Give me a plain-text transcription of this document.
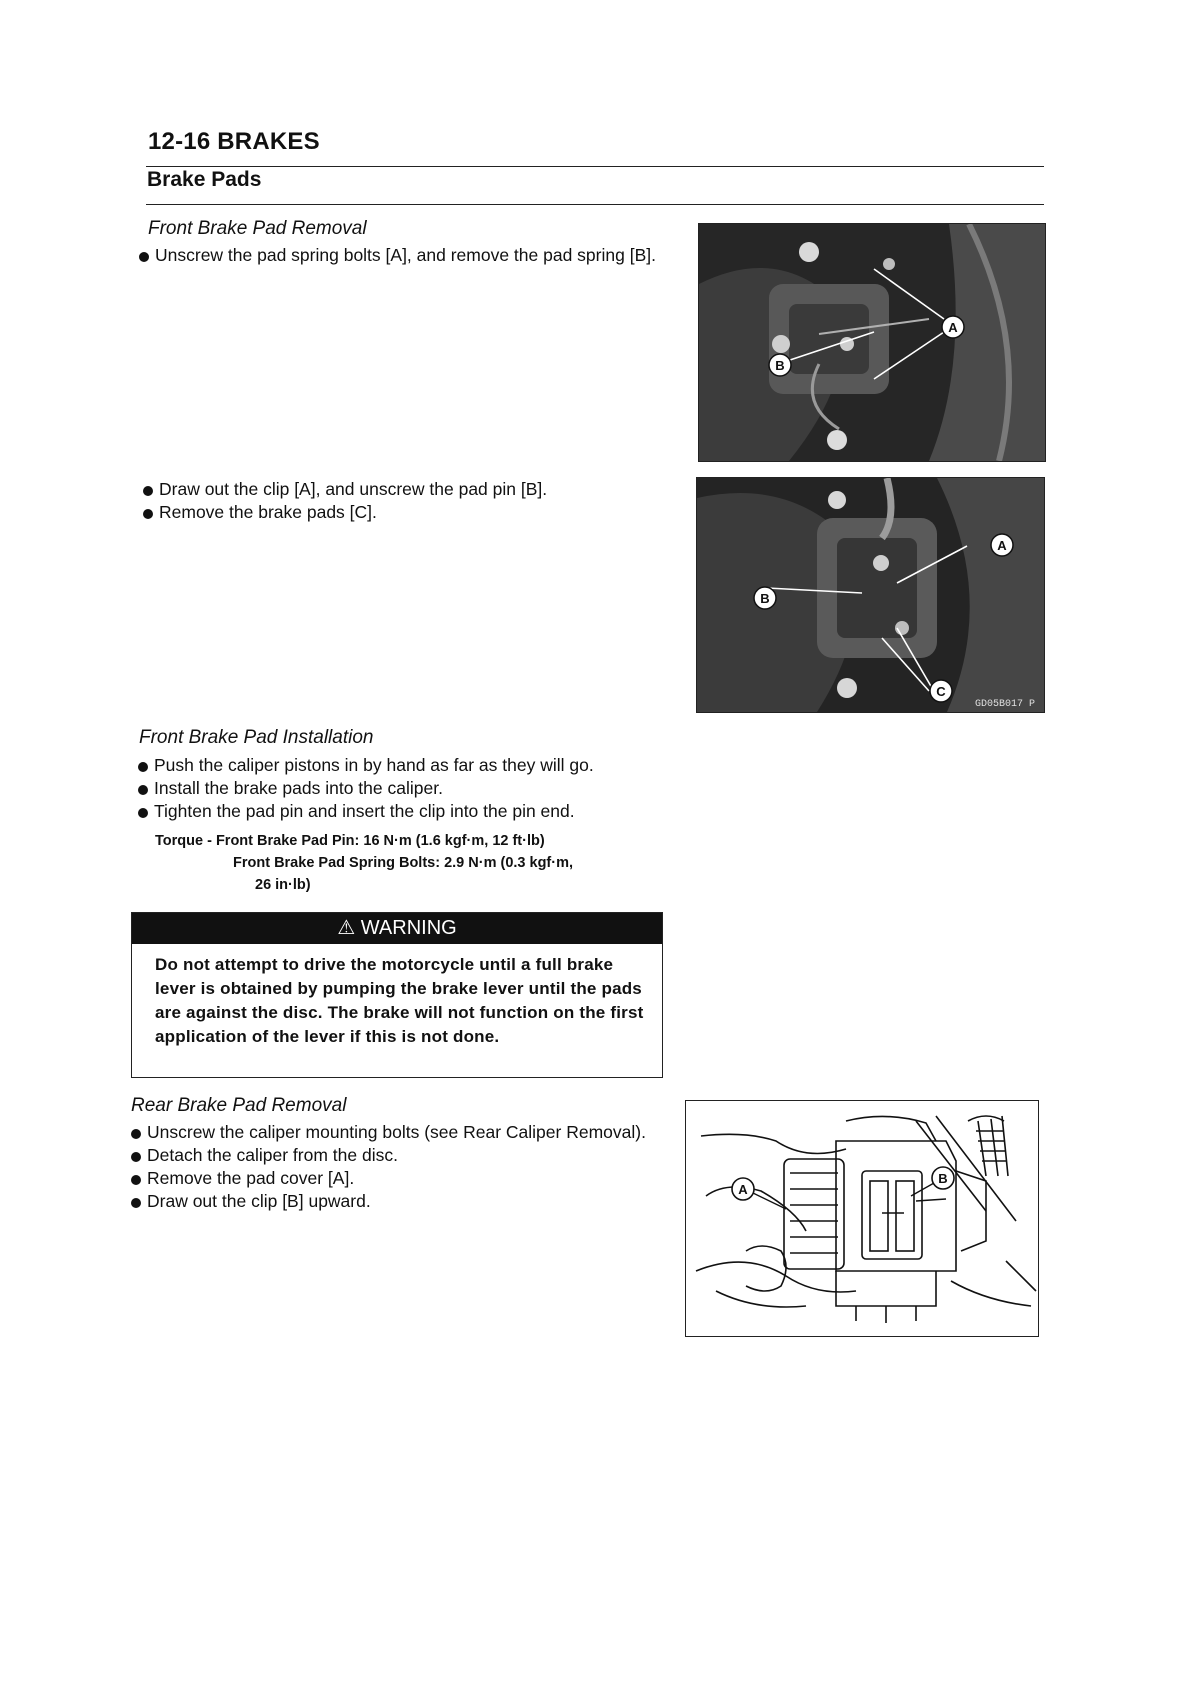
12-16 BRAKES
Brake Pads
Front Brake Pad Removal
Unscrew the pad spring bolts [A], and remove the pad spring [B].
Draw out the clip [A], and unscrew the pad pin [B].
Remove the brake pads [C].
A
B
B
A
C
GD05B017 P
Front Brake Pad Installation
Push the caliper pistons in by hand as far as they will go.
Install the brake pads into the caliper.
Tighten the pad pin and insert the clip into the pin end.
Torque - Front Brake Pad Pin: 16 N·m (1.6 kgf·m, 12 ft·lb)
Front Brake Pad Spring Bolts: 2.9 N·m (0.3 kgf·m,
26 in·lb)
⚠ WARNING
Do not attempt to drive the motorcycle until a full brake lever is obtained by pumping the brake lever until the pads are against the disc. The brake will not function on the first application of the lever if this is not done.
Rear Brake Pad Removal
Unscrew the caliper mounting bolts (see Rear Caliper Removal).
Detach the caliper from the disc.
Remove the pad cover [A].
Draw out the clip [B] upward.
A
B
